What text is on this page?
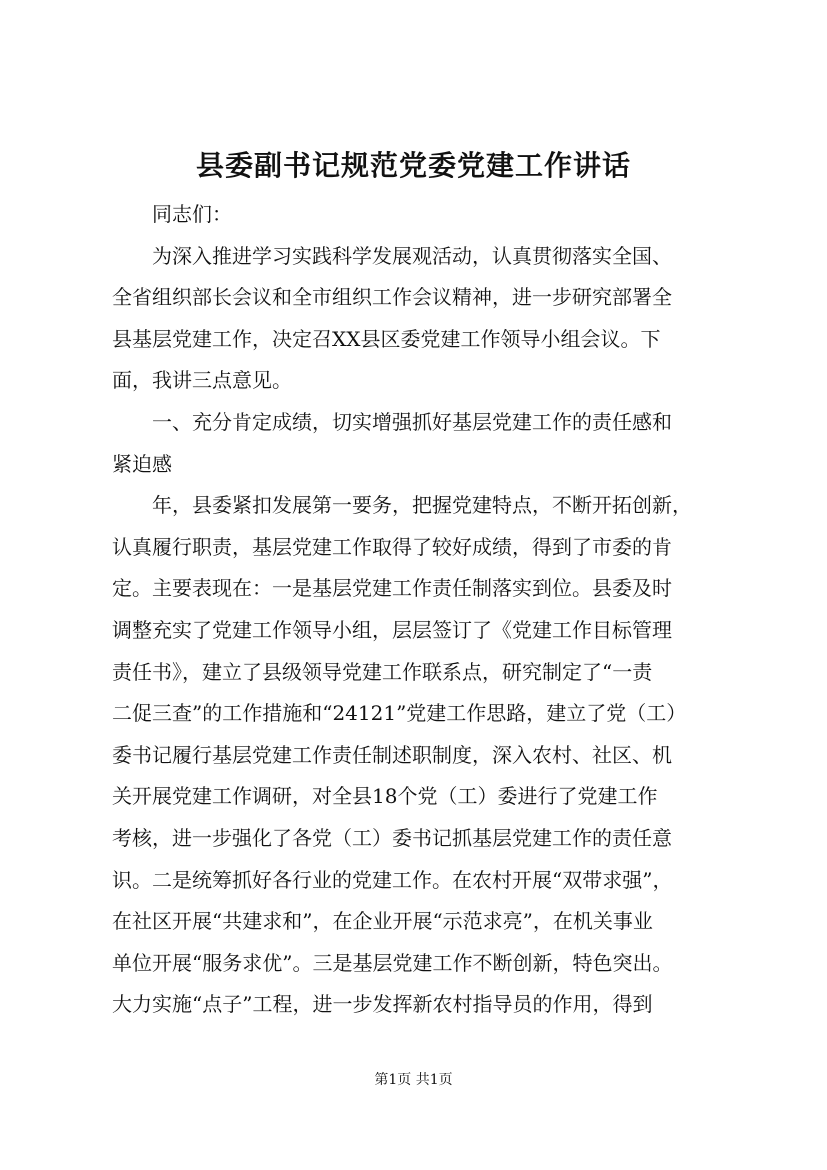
县委副书记规范党委党建工作讲话
同志们：
为深入推进学习实践科学发展观活动，认真贯彻落实全国、
全省组织部长会议和全市组织工作会议精神，进一步研究部署全
县基层党建工作，决定召XX县区委党建工作领导小组会议。下
面，我讲三点意见。
一、充分肯定成绩，切实增强抓好基层党建工作的责任感和
紧迫感
年，县委紧扣发展第一要务，把握党建特点，不断开拓创新，
认真履行职责，基层党建工作取得了较好成绩，得到了市委的肯
定。主要表现在：一是基层党建工作责任制落实到位。县委及时
调整充实了党建工作领导小组，层层签订了《党建工作目标管理
责任书》，建立了县级领导党建工作联系点，研究制定了“一责
二促三查”的工作措施和“24121”党建工作思路，建立了党（工）
委书记履行基层党建工作责任制述职制度，深入农村、社区、机
关开展党建工作调研，对全县18个党（工）委进行了党建工作
考核，进一步强化了各党（工）委书记抓基层党建工作的责任意
识。二是统筹抓好各行业的党建工作。在农村开展“双带求强”，
在社区开展“共建求和”，在企业开展“示范求亮”，在机关事业
单位开展“服务求优”。三是基层党建工作不断创新，特色突出。
大力实施“点子”工程，进一步发挥新农村指导员的作用，得到
第1页 共1页
